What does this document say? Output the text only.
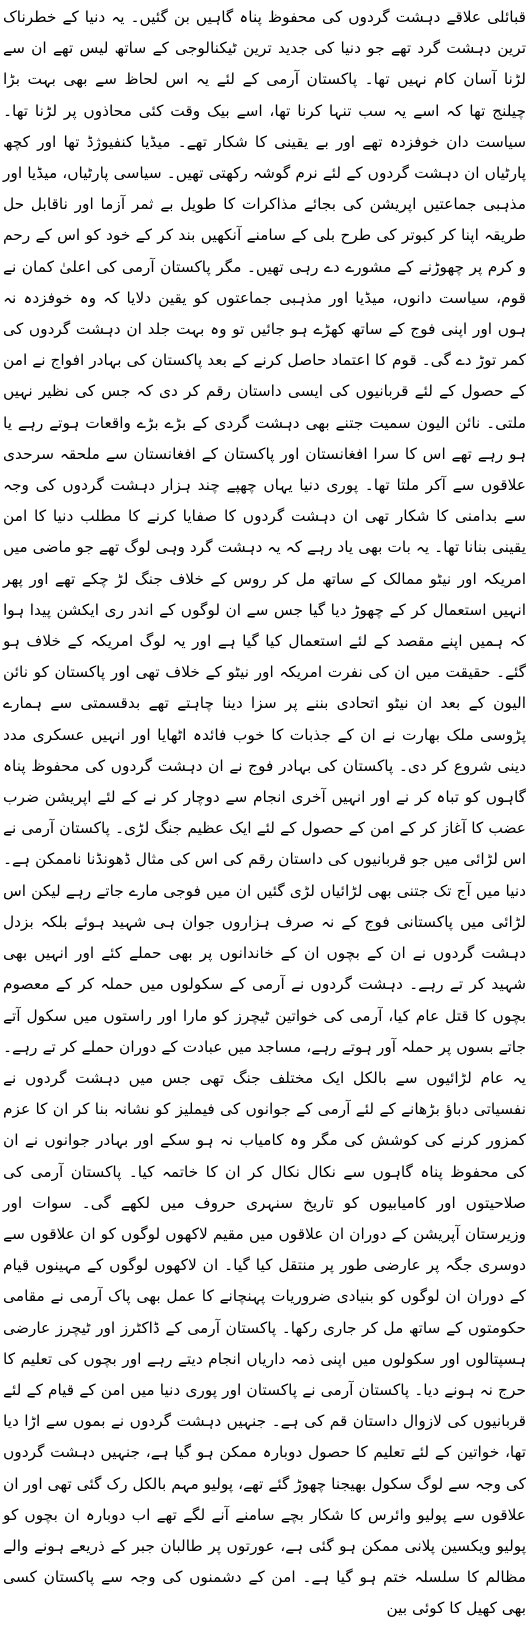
قبائلی علاقے دہشت گردوں کی محفوظ پناہ گاہیں بن گئیں۔ یہ دنیا کے خطرناک ترین دہشت گرد تھے جو دنیا کی جدید ترین ٹیکنالوجی کے ساتھ لیس تھے ان سے لڑنا آسان کام نہیں تھا۔ پاکستان آرمی کے لئے یہ اس لحاظ سے بھی بہت بڑا چیلنج تھا کہ اسے یہ سب تنہا کرنا تھا، اسے بیک وقت کئی محاذوں پر لڑنا تھا۔ سیاست دان خوفزدہ تھے اور بے یقینی کا شکار تھے۔ میڈیا کنفیوژڈ تھا اور کچھ پارٹیاں ان دہشت گردوں کے لئے نرم گوشہ رکھتی تھیں۔ سیاسی پارٹیاں، میڈیا اور مذہبی جماعتیں اپریشن کی بجائے مذاکرات کا طویل بے ثمر آزما اور ناقابل حل طریقہ اپنا کر کبوتر کی طرح بلی کے سامنے آنکھیں بند کر کے خود کو اس کے رحم و کرم پر چھوڑنے کے مشورے دے رہی تھیں۔ مگر پاکستان آرمی کی اعلیٰ کمان نے قوم، سیاست دانوں، میڈیا اور مذہبی جماعتوں کو یقین دلایا کہ وہ خوفزدہ نہ ہوں اور اپنی فوج کے ساتھ کھڑے ہو جائیں تو وہ بہت جلد ان دہشت گردوں کی کمر توڑ دے گی۔ قوم کا اعتماد حاصل کرنے کے بعد پاکستان کی بہادر افواج نے امن کے حصول کے لئے قربانیوں کی ایسی داستان رقم کر دی کہ جس کی نظیر نہیں ملتی۔ نائن الیون سمیت جتنے بھی دہشت گردی کے بڑے بڑے واقعات ہوتے رہے یا ہو رہے تھے اس کا سرا افغانستان اور پاکستان کے افغانستان سے ملحقہ سرحدی علاقوں سے آکر ملتا تھا۔ پوری دنیا یہاں چھپے چند ہزار دہشت گردوں کی وجہ سے بدامنی کا شکار تھی ان دہشت گردوں کا صفایا کرنے کا مطلب دنیا کا امن یقینی بنانا تھا۔ یہ بات بھی یاد رہے کہ یہ دہشت گرد وہی لوگ تھے جو ماضی میں امریکہ اور نیٹو ممالک کے ساتھ مل کر روس کے خلاف جنگ لڑ چکے تھے اور پھر انہیں استعمال کر کے چھوڑ دیا گیا جس سے ان لوگوں کے اندر ری ایکشن پیدا ہوا کہ ہمیں اپنے مقصد کے لئے استعمال کیا گیا ہے اور یہ لوگ امریکہ کے خلاف ہو گئے۔ حقیقت میں ان کی نفرت امریکہ اور نیٹو کے خلاف تھی اور پاکستان کو نائن الیون کے بعد ان نیٹو اتحادی بننے پر سزا دینا چاہتے تھے بدقسمتی سے ہمارے پڑوسی ملک بھارت نے ان کے جذبات کا خوب فائدہ اٹھایا اور انہیں عسکری مدد دینی شروع کر دی۔ پاکستان کی بہادر فوج نے ان دہشت گردوں کی محفوظ پناہ گاہوں کو تباہ کر نے اور انہیں آخری انجام سے دوچار کر نے کے لئے اپریشن ضرب عضب کا آغاز کر کے امن کے حصول کے لئے ایک عظیم جنگ لڑی۔ پاکستان آرمی نے اس لڑائی میں جو قربانیوں کی داستان رقم کی اس کی مثال ڈھونڈنا ناممکن ہے۔ دنیا میں آج تک جتنی بھی لڑائیاں لڑی گئیں ان میں فوجی مارے جاتے رہے لیکن اس لڑائی میں پاکستانی فوج کے نہ صرف ہزاروں جوان ہی شہید ہوئے بلکہ بزدل دہشت گردوں نے ان کے بچوں ان کے خاندانوں پر بھی حملے کئے اور انہیں بھی شہید کر تے رہے۔ دہشت گردوں نے آرمی کے سکولوں میں حملہ کر کے معصوم بچوں کا قتل عام کیا، آرمی کی خواتین ٹیچرز کو مارا اور راستوں میں سکول آتے جاتے بسوں پر حملہ آور ہوتے رہے، مساجد میں عبادت کے دوران حملے کر تے رہے۔ یہ عام لڑائیوں سے بالکل ایک مختلف جنگ تھی جس میں دہشت گردوں نے نفسیاتی دباؤ بڑھانے کے لئے آرمی کے جوانوں کی فیملیز کو نشانہ بنا کر ان کا عزم کمزور کرنے کی کوشش کی مگر وہ کامیاب نہ ہو سکے اور بہادر جوانوں نے ان کی محفوظ پناہ گاہوں سے نکال نکال کر ان کا خاتمہ کیا۔ پاکستان آرمی کی صلاحیتوں اور کامیابیوں کو تاریخ سنہری حروف میں لکھے گی۔ سوات اور وزیرستان آپریشن کے دوران ان علاقوں میں مقیم لاکھوں لوگوں کو ان علاقوں سے دوسری جگہ پر عارضی طور پر منتقل کیا گیا۔ ان لاکھوں لوگوں کے مہینوں قیام کے دوران ان لوگوں کو بنیادی ضروریات پہنچانے کا عمل بھی پاک آرمی نے مقامی حکومتوں کے ساتھ مل کر جاری رکھا۔ پاکستان آرمی کے ڈاکٹرز اور ٹیچرز عارضی ہسپتالوں اور سکولوں میں اپنی ذمہ داریاں انجام دیتے رہے اور بچوں کی تعلیم کا حرج نہ ہونے دیا۔ پاکستان آرمی نے پاکستان اور پوری دنیا میں امن کے قیام کے لئے قربانیوں کی لازوال داستان قم کی ہے۔ جنہیں دہشت گردوں نے بموں سے اڑا دیا تھا، خواتین کے لئے تعلیم کا حصول دوبارہ ممکن ہو گیا ہے، جنہیں دہشت گردوں کی وجہ سے لوگ سکول بھیجنا چھوڑ گئے تھے، پولیو مہم بالکل رک گئی تھی اور ان علاقوں سے پولیو وائرس کا شکار بچے سامنے آنے لگے تھے اب دوبارہ ان بچوں کو پولیو ویکسین پلانی ممکن ہو گئی ہے، عورتوں پر طالبان جبر کے ذریعے ہونے والے مظالم کا سلسلہ ختم ہو گیا ہے۔ امن کے دشمنوں کی وجہ سے پاکستان کسی بھی کھیل کا کوئی بین
